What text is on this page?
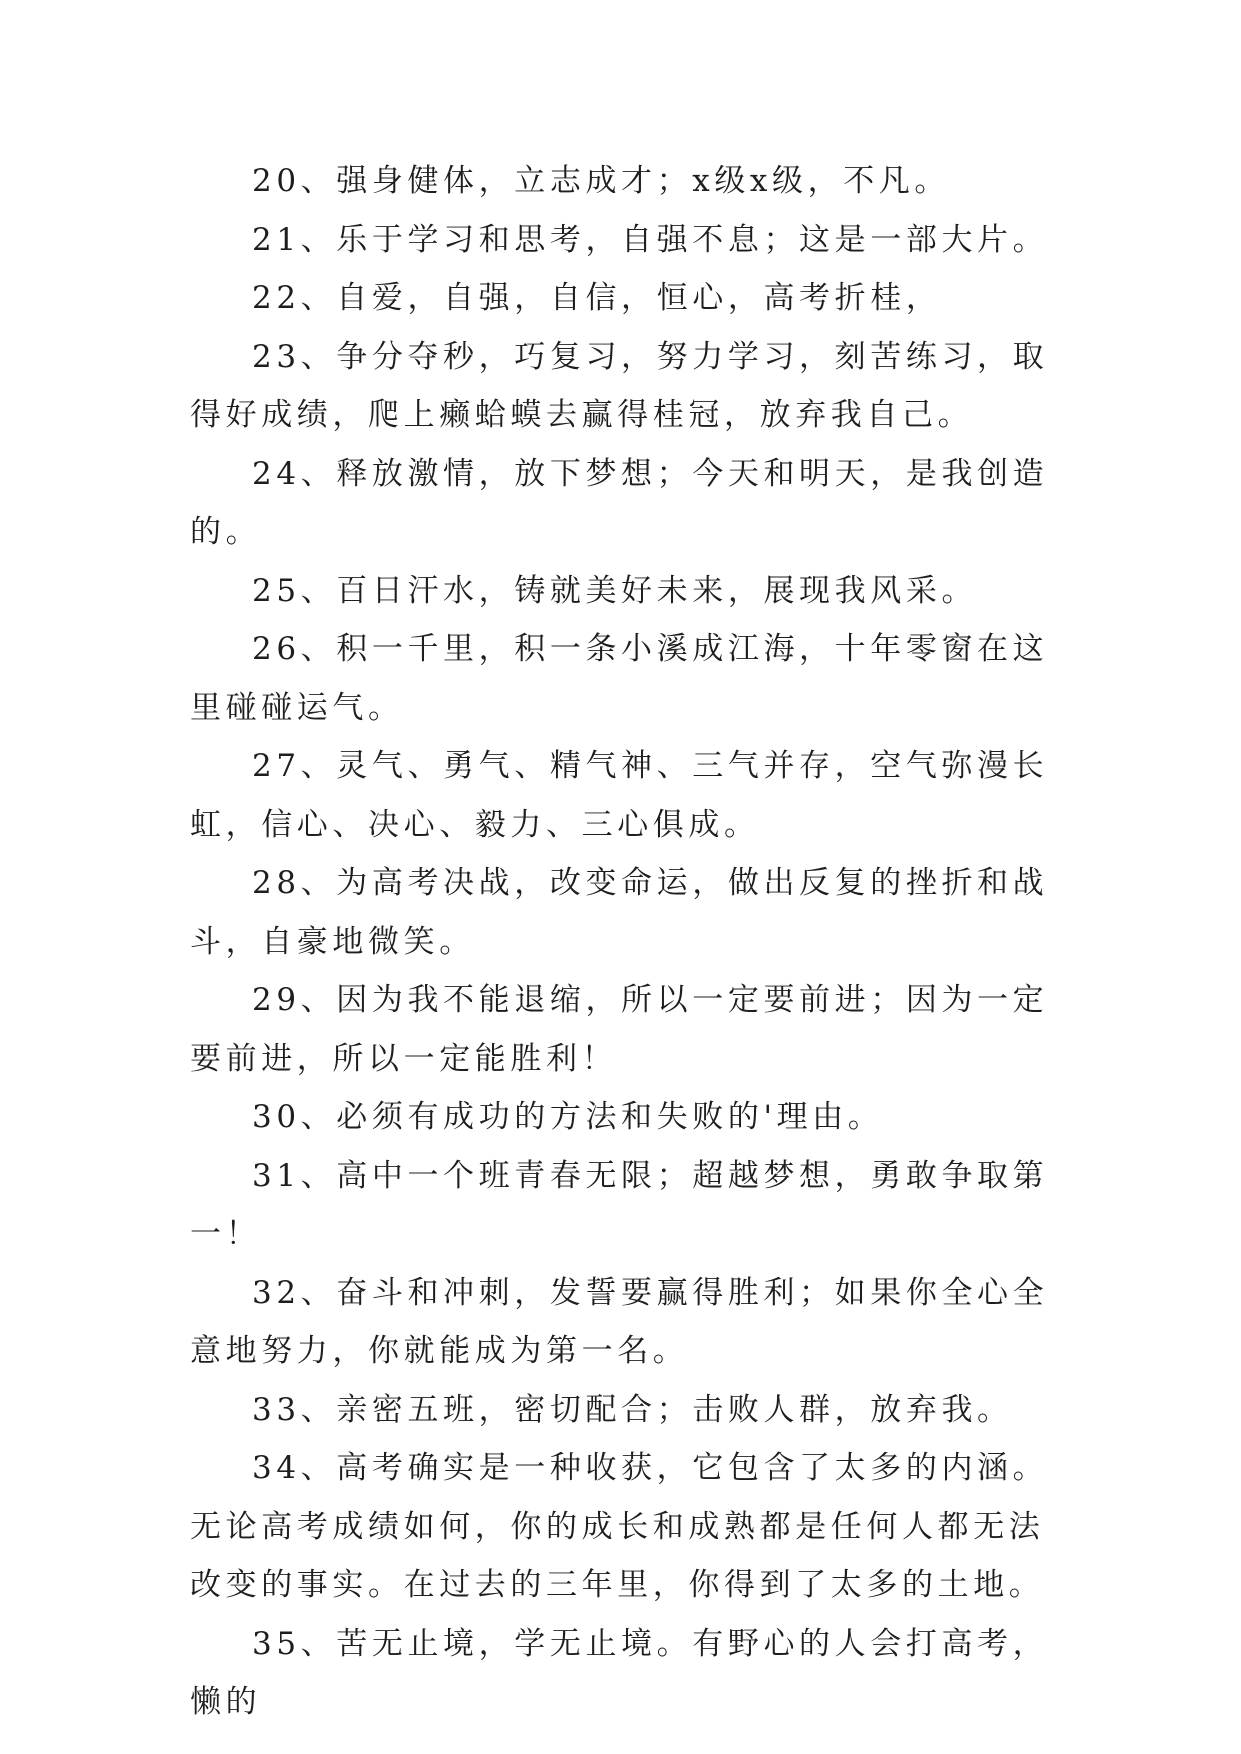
20、强身健体，立志成才；x级x级，不凡。

21、乐于学习和思考，自强不息；这是一部大片。

22、自爱，自强，自信，恒心，高考折桂，

23、争分夺秒，巧复习，努力学习，刻苦练习，取得好成绩，爬上癞蛤蟆去赢得桂冠，放弃我自己。

24、释放激情，放下梦想；今天和明天，是我创造的。

25、百日汗水，铸就美好未来，展现我风采。

26、积一千里，积一条小溪成江海，十年零窗在这里碰碰运气。

27、灵气、勇气、精气神、三气并存，空气弥漫长虹，信心、决心、毅力、三心俱成。

28、为高考决战，改变命运，做出反复的挫折和战斗，自豪地微笑。

29、因为我不能退缩，所以一定要前进；因为一定要前进，所以一定能胜利！

30、必须有成功的方法和失败的'理由。

31、高中一个班青春无限；超越梦想，勇敢争取第一！

32、奋斗和冲刺，发誓要赢得胜利；如果你全心全意地努力，你就能成为第一名。

33、亲密五班，密切配合；击败人群，放弃我。

34、高考确实是一种收获，它包含了太多的内涵。无论高考成绩如何，你的成长和成熟都是任何人都无法改变的事实。在过去的三年里，你得到了太多的土地。

35、苦无止境，学无止境。有野心的人会打高考，懒的
